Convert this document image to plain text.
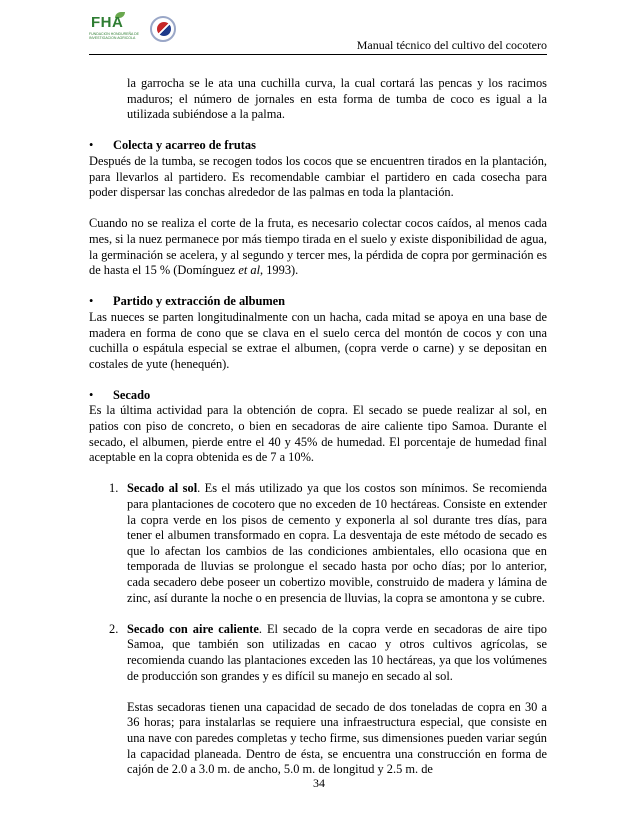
FHA
FUNDACION HONDUREÑA DE INVESTIGACION AGRICOLA	Manual técnico del cultivo del cocotero

la garrocha se le ata una cuchilla curva, la cual cortará las pencas y los racimos maduros; el número de jornales en esta forma de tumba de coco es igual a la utilizada subiéndose a la palma.

• Colecta y acarreo de frutas

Después de la tumba, se recogen todos los cocos que se encuentren tirados en la plantación, para llevarlos al partidero. Es recomendable cambiar el partidero en cada cosecha para poder dispersar las conchas alrededor de las palmas en toda la plantación.

Cuando no se realiza el corte de la fruta, es necesario colectar cocos caídos, al menos cada mes, si la nuez permanece por más tiempo tirada en el suelo y existe disponibilidad de agua, la germinación se acelera, y al segundo y tercer mes, la pérdida de copra por germinación es de hasta el 15 % (Domínguez et al, 1993).

• Partido y extracción de albumen

Las nueces se parten longitudinalmente con un hacha, cada mitad se apoya en una base de madera en forma de cono que se clava en el suelo cerca del montón de cocos y con una cuchilla o espátula especial se extrae el albumen, (copra verde o carne) y se depositan en costales de yute (henequén).

• Secado

Es la última actividad para la obtención de copra. El secado se puede realizar al sol, en patios con piso de concreto, o bien en secadoras de aire caliente tipo Samoa. Durante el secado, el albumen, pierde entre el 40 y 45% de humedad. El porcentaje de humedad final aceptable en la copra obtenida es de 7 a 10%.

1. Secado al sol. Es el más utilizado ya que los costos son mínimos. Se recomienda para plantaciones de cocotero que no exceden de 10 hectáreas. Consiste en extender la copra verde en los pisos de cemento y exponerla al sol durante tres días, para tener el albumen transformado en copra. La desventaja de este método de secado es que lo afectan los cambios de las condiciones ambientales, ello ocasiona que en temporada de lluvias se prolongue el secado hasta por ocho días; por lo anterior, cada secadero debe poseer un cobertizo movible, construido de madera y lámina de zinc, así durante la noche o en presencia de lluvias, la copra se amontona y se cubre.

2. Secado con aire caliente. El secado de la copra verde en secadoras de aire tipo Samoa, que también son utilizadas en cacao y otros cultivos agrícolas, se recomienda cuando las plantaciones exceden las 10 hectáreas, ya que los volúmenes de producción son grandes y es difícil su manejo en secado al sol.

Estas secadoras tienen una capacidad de secado de dos toneladas de copra en 30 a 36 horas; para instalarlas se requiere una infraestructura especial, que consiste en una nave con paredes completas y techo firme, sus dimensiones pueden variar según la capacidad planeada. Dentro de ésta, se encuentra una construcción en forma de cajón de 2.0 a 3.0 m. de ancho, 5.0 m. de longitud y 2.5 m. de

34
